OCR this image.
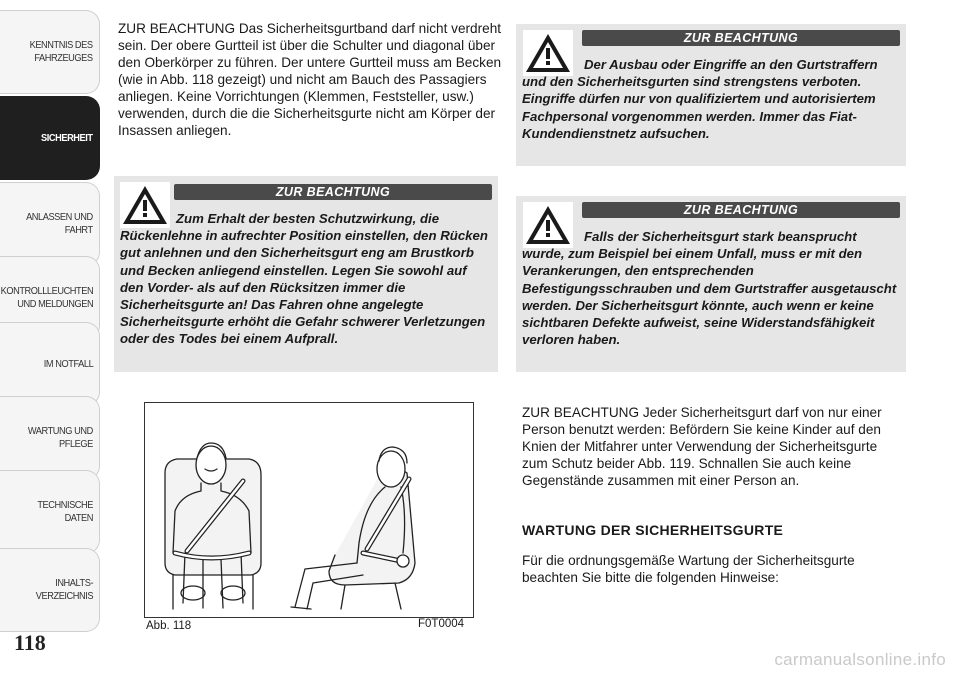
KENNTNIS DES
FAHRZEUGES
SICHERHEIT
ANLASSEN UND
FAHRT
KONTROLLLEUCHTEN
UND MELDUNGEN
IM NOTFALL
WARTUNG UND
PFLEGE
TECHNISCHE DATEN
INHALTS-
VERZEICHNIS
118

ZUR BEACHTUNG Das Sicherheitsgurtband darf nicht verdreht sein. Der obere Gurtteil ist über die Schulter und diagonal über den Oberkörper zu führen. Der untere Gurtteil muss am Becken (wie in Abb. 118 gezeigt) und nicht am Bauch des Passagiers anliegen. Keine Vorrichtungen (Klemmen, Feststeller, usw.) verwenden, durch die die Sicherheitsgurte nicht am Körper der Insassen anliegen.

ZUR BEACHTUNG

Zum Erhalt der besten Schutzwirkung, die Rückenlehne in aufrechter Position einstellen, den Rücken gut anlehnen und den Sicherheitsgurt eng am Brustkorb und Becken anliegend einstellen. Legen Sie sowohl auf den Vorder- als auf den Rücksitzen immer die Sicherheitsgurte an! Das Fahren ohne angelegte Sicherheitsgurte erhöht die Gefahr schwerer Verletzungen oder des Todes bei einem Aufprall.

Abb. 118	F0T0004
ZUR BEACHTUNG

Der Ausbau oder Eingriffe an den Gurtstraffern und den Sicherheitsgurten sind strengstens verboten. Eingriffe dürfen nur von qualifiziertem und autorisiertem Fachpersonal vorgenommen werden. Immer das Fiat-Kundendienstnetz aufsuchen.

ZUR BEACHTUNG

Falls der Sicherheitsgurt stark beansprucht wurde, zum Beispiel bei einem Unfall, muss er mit den Verankerungen, den entsprechenden Befestigungsschrauben und dem Gurtstraffer ausgetauscht werden. Der Sicherheitsgurt könnte, auch wenn er keine sichtbaren Defekte aufweist, seine Widerstandsfähigkeit verloren haben.

ZUR BEACHTUNG Jeder Sicherheitsgurt darf von nur einer Person benutzt werden: Befördern Sie keine Kinder auf den Knien der Mitfahrer unter Verwendung der Sicherheitsgurte zum Schutz beider Abb. 119. Schnallen Sie auch keine Gegenstände zusammen mit einer Person an.

WARTUNG DER SICHERHEITSGURTE

Für die ordnungsgemäße Wartung der Sicherheitsgurte beachten Sie bitte die folgenden Hinweise:

carmanualsonline.info
